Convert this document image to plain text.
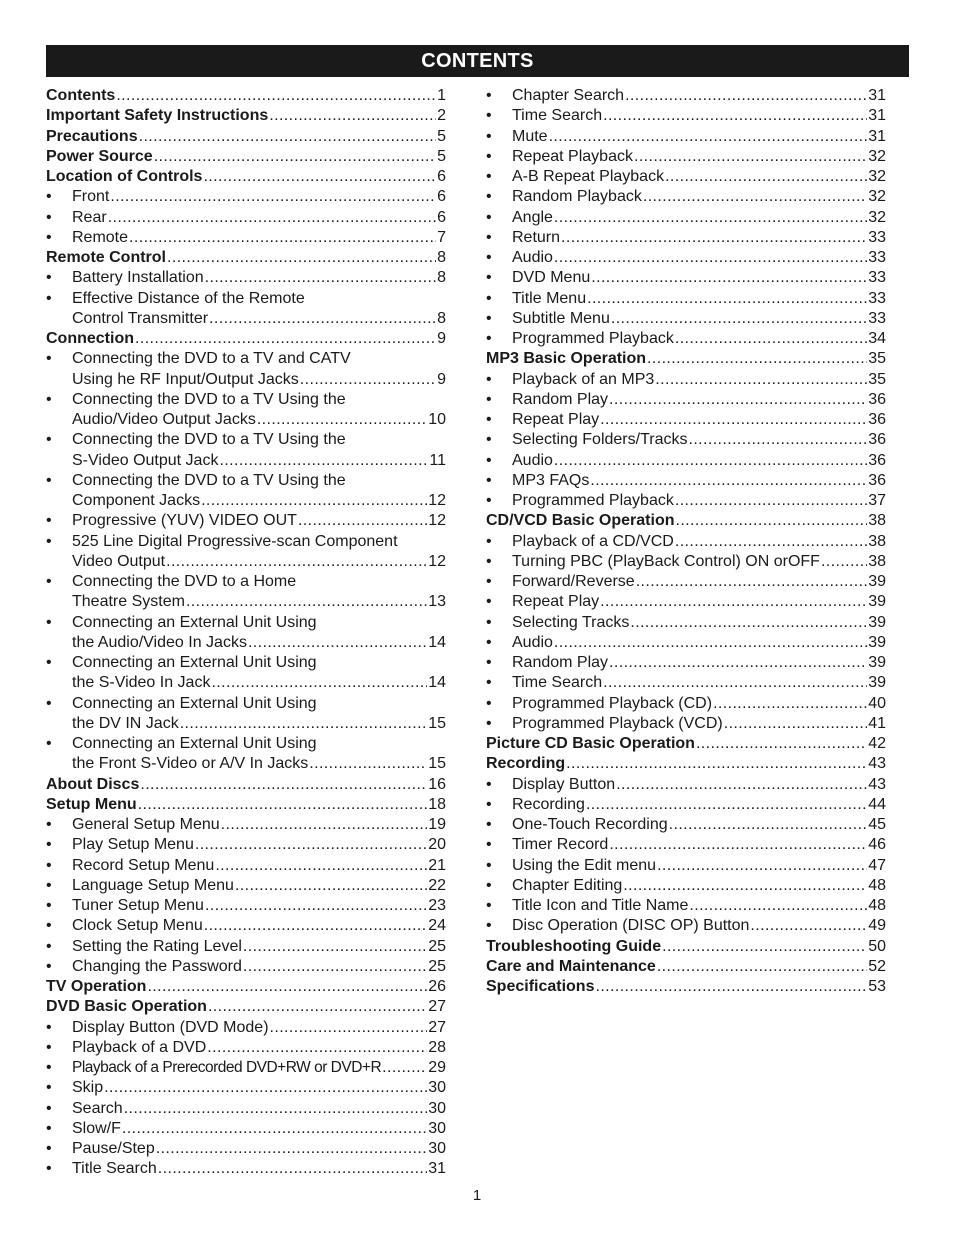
CONTENTS
Contents .....	1
Important Safety Instructions .....	2
Precautions .....	5
Power Source .....	5
Location of Controls .....	6
•	Front .....	6
•	Rear .....	6
•	Remote .....	7
Remote Control .....	8
•	Battery Installation .....	8
•	Effective Distance of the Remote
Control Transmitter .....	8
Connection .....	9
•	Connecting the DVD to a TV and CATV
Using he RF Input/Output Jacks .....	9
•	Connecting the DVD to a TV Using the
Audio/Video Output Jacks .....	10
•	Connecting the DVD to a TV Using the
S-Video Output Jack .....	11
•	Connecting the DVD to a TV Using the
Component Jacks .....	12
•	Progressive (YUV) VIDEO OUT .....	12
•	525 Line Digital Progressive-scan Component
Video Output .....	12
•	Connecting the DVD to a Home
Theatre System .....	13
•	Connecting an External Unit Using
the Audio/Video In Jacks .....	14
•	Connecting an External Unit Using
the S-Video In Jack .....	14
•	Connecting an External Unit Using
the DV IN Jack .....	15
•	Connecting an External Unit Using
the Front S-Video or A/V In Jacks .....	15
About Discs .....	16
Setup Menu .....	18
•	General Setup Menu .....	19
•	Play Setup Menu .....	20
•	Record Setup Menu .....	21
•	Language Setup Menu .....	22
•	Tuner Setup Menu .....	23
•	Clock Setup Menu .....	24
•	Setting the Rating Level .....	25
•	Changing the Password .....	25
TV Operation .....	26
DVD Basic Operation .....	27
•	Display Button (DVD Mode) .....	27
•	Playback of a DVD .....	28
•	Playback of a Prerecorded DVD+RW or DVD+R .....	29
•	Skip .....	30
•	Search .....	30
•	Slow/F .....	30
•	Pause/Step .....	30
•	Title Search .....	31
•	Chapter Search .....	31
•	Time Search .....	31
•	Mute .....	31
•	Repeat Playback .....	32
•	A-B Repeat Playback .....	32
•	Random Playback .....	32
•	Angle .....	32
•	Return .....	33
•	Audio .....	33
•	DVD Menu .....	33
•	Title Menu .....	33
•	Subtitle Menu .....	33
•	Programmed Playback .....	34
MP3 Basic Operation .....	35
•	Playback of an MP3 .....	35
•	Random Play .....	36
•	Repeat Play .....	36
•	Selecting Folders/Tracks .....	36
•	Audio .....	36
•	MP3 FAQs .....	36
•	Programmed Playback .....	37
CD/VCD Basic Operation .....	38
•	Playback of a CD/VCD .....	38
•	Turning PBC (PlayBack Control) ON orOFF .....	38
•	Forward/Reverse .....	39
•	Repeat Play .....	39
•	Selecting Tracks .....	39
•	Audio .....	39
•	Random Play .....	39
•	Time Search .....	39
•	Programmed Playback (CD) .....	40
•	Programmed Playback (VCD) .....	41
Picture CD Basic Operation .....	42
Recording .....	43
•	Display Button .....	43
•	Recording .....	44
•	One-Touch Recording .....	45
•	Timer Record .....	46
•	Using the Edit menu .....	47
•	Chapter Editing .....	48
•	Title Icon and Title Name .....	48
•	Disc Operation (DISC OP) Button .....	49
Troubleshooting Guide .....	50
Care and Maintenance .....	52
Specifications .....	53
1
